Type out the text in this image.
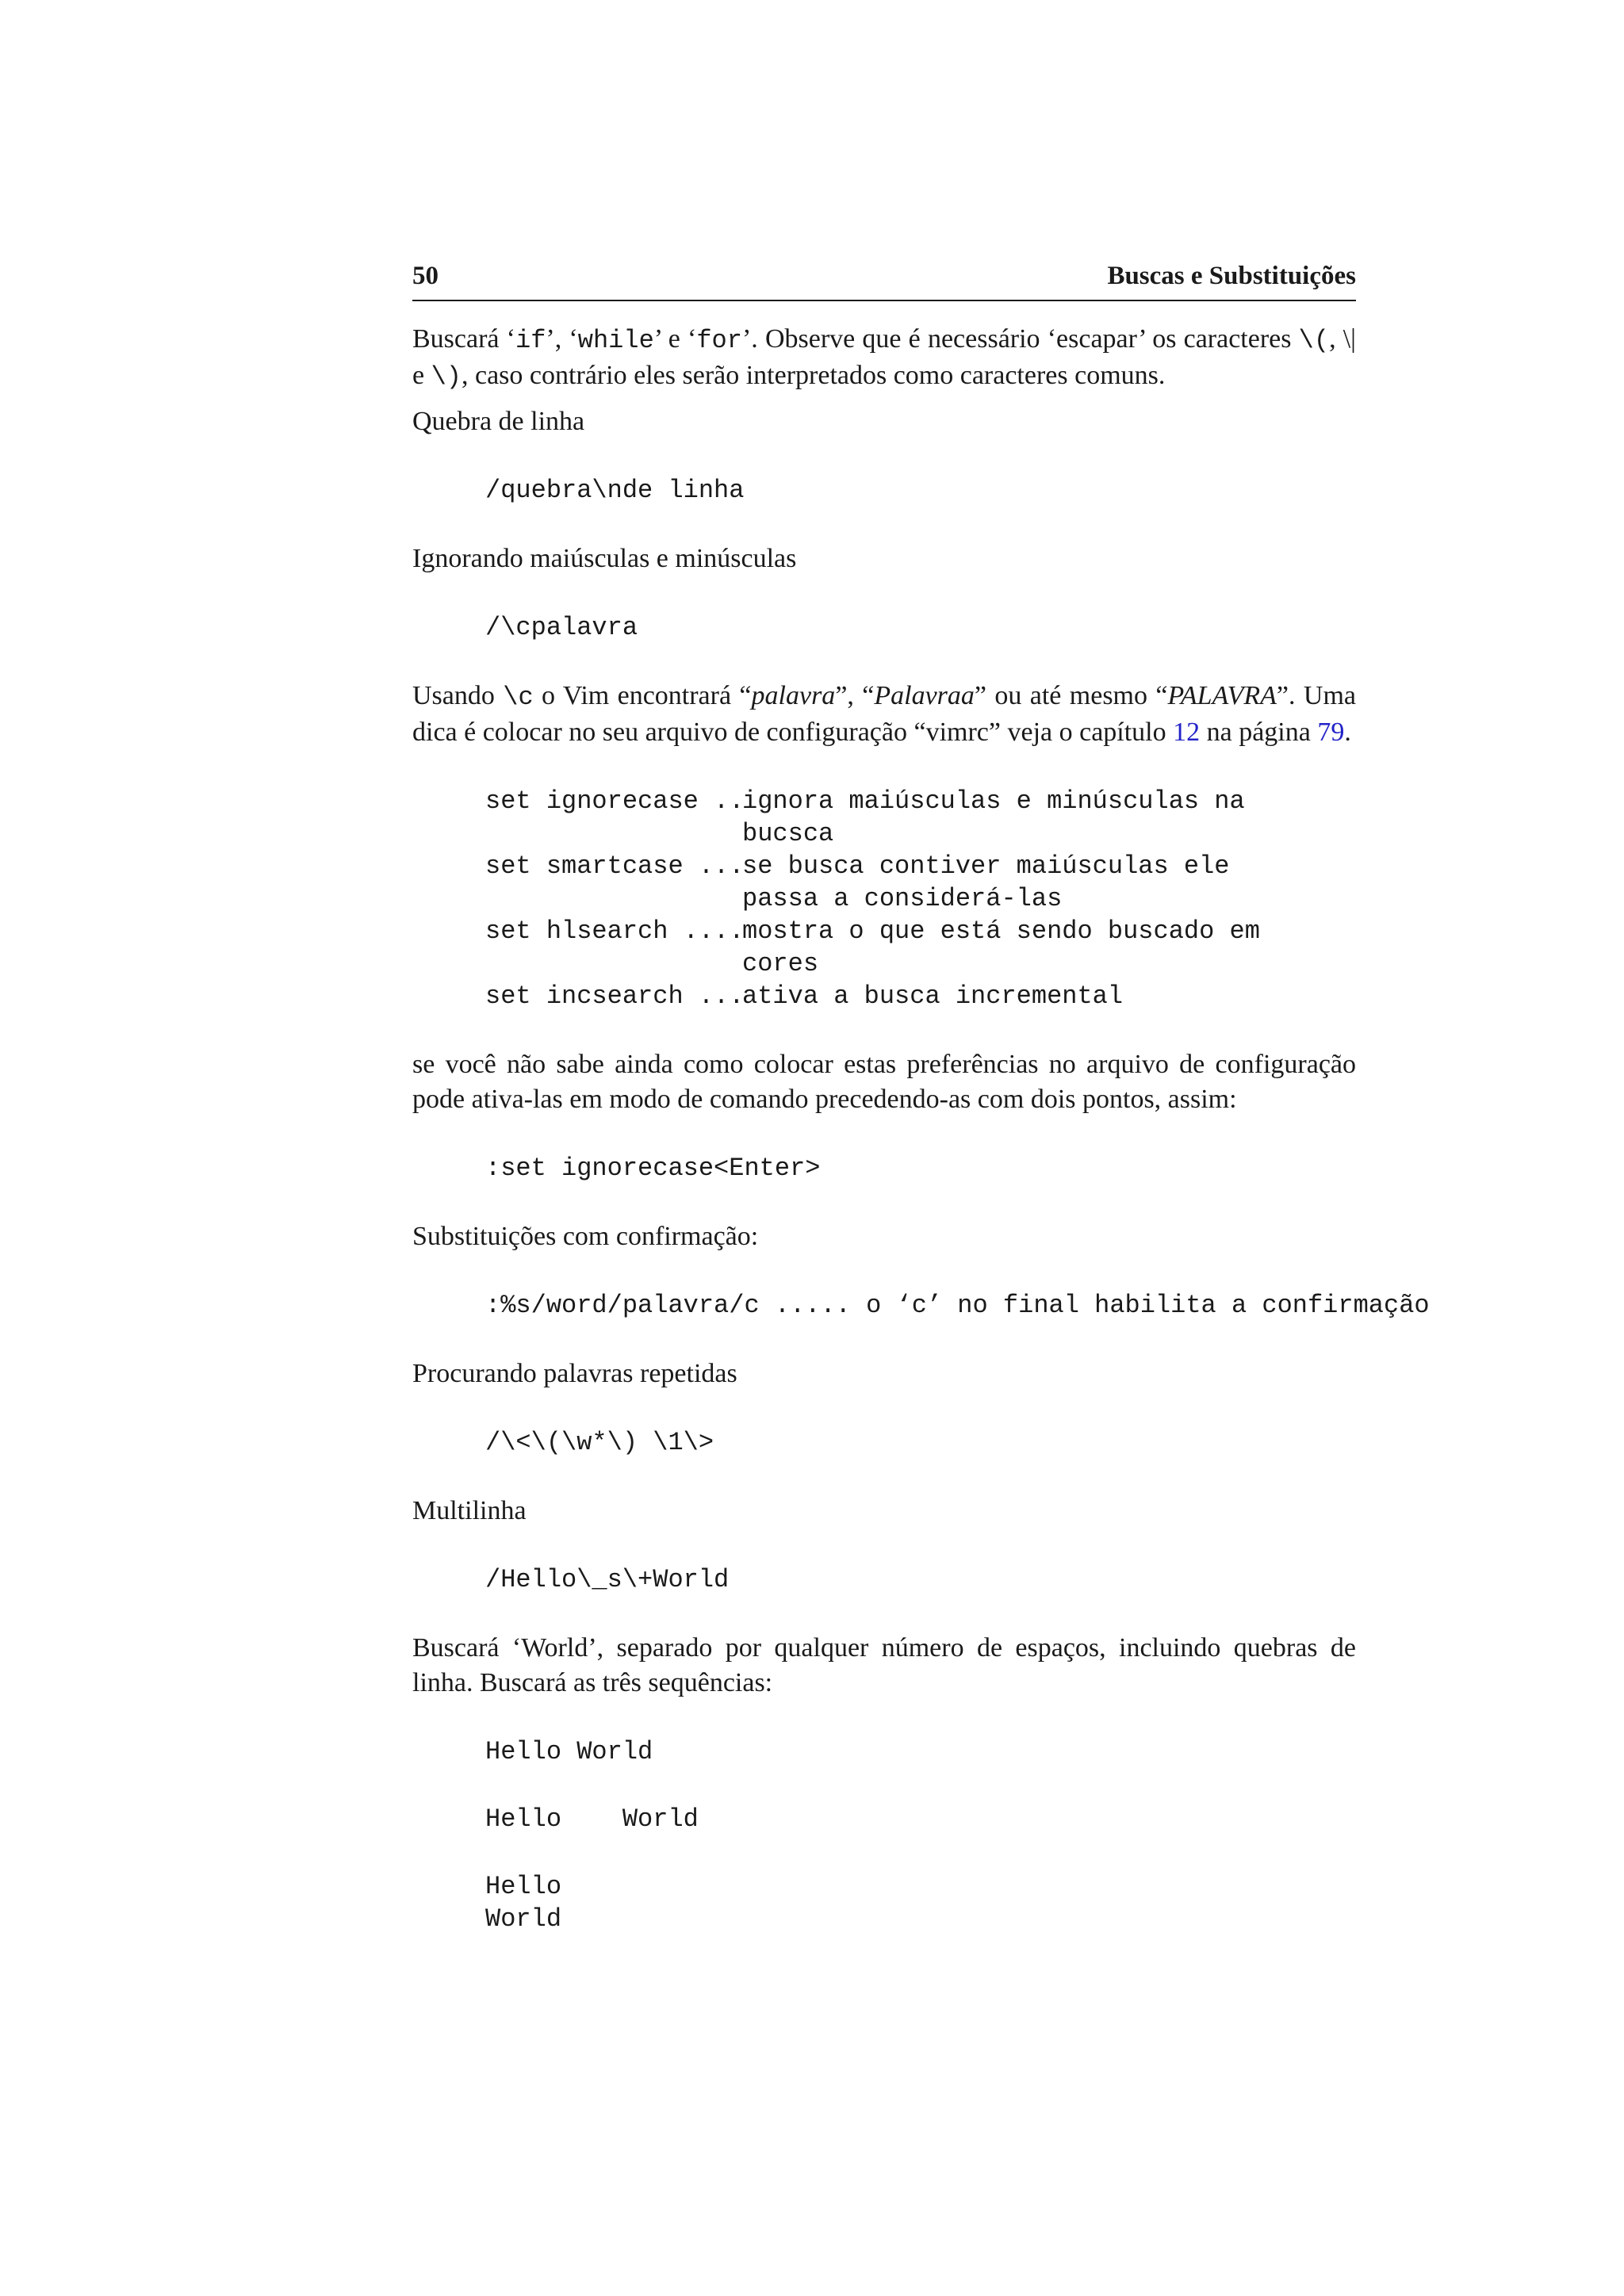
50	Buscas e Substituições

Buscará ‘if’, ‘while’ e ‘for’. Observe que é necessário ‘escapar’ os caracteres \(, \| e \), caso contrário eles serão interpretados como caracteres comuns.

Quebra de linha

/quebra\nde linha

Ignorando maiúsculas e minúsculas

/\cpalavra

Usando \c o Vim encontrará “palavra”, “Palavraa” ou até mesmo “PALAVRA”. Uma dica é colocar no seu arquivo de configuração “vimrc” veja o capítulo 12 na página 79.

set ignorecase ..
ignora maiúsculas e minúsculas na bucsca
set smartcase ...
se busca contiver maiúsculas ele passa a considerá-las
set hlsearch ....
mostra o que está sendo buscado em cores
set incsearch ...
ativa a busca incremental

se você não sabe ainda como colocar estas preferências no arquivo de configuração pode ativa-las em modo de comando precedendo-as com dois pontos, assim:

:set ignorecase<Enter>

Substituições com confirmação:

:%s/word/palavra/c ..... o ‘c’ no final habilita a confirmação

Procurando palavras repetidas

/\<\(\w*\) \1\>

Multilinha

/Hello\_s\+World

Buscará ‘World’, separado por qualquer número de espaços, incluindo quebras de linha. Buscará as três sequências:

Hello World
Hello    World
Hello
World
